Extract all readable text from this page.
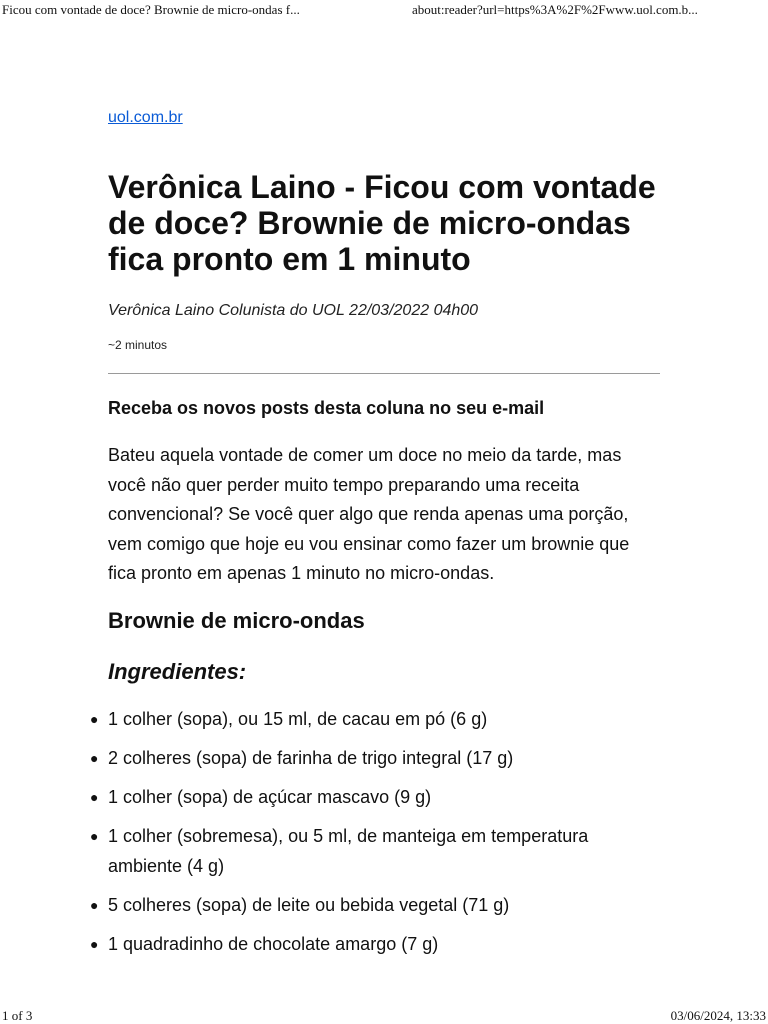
Ficou com vontade de doce? Brownie de micro-ondas f...	about:reader?url=https%3A%2F%2Fwww.uol.com.b...
uol.com.br
Verônica Laino - Ficou com vontade de doce? Brownie de micro-ondas fica pronto em 1 minuto
Verônica Laino Colunista do UOL 22/03/2022 04h00
~2 minutos
Receba os novos posts desta coluna no seu e-mail

Bateu aquela vontade de comer um doce no meio da tarde, mas você não quer perder muito tempo preparando uma receita convencional? Se você quer algo que renda apenas uma porção, vem comigo que hoje eu vou ensinar como fazer um brownie que fica pronto em apenas 1 minuto no micro-ondas.

Brownie de micro-ondas
Ingredientes:
● 1 colher (sopa), ou 15 ml, de cacau em pó (6 g)
● 2 colheres (sopa) de farinha de trigo integral (17 g)
● 1 colher (sopa) de açúcar mascavo (9 g)
● 1 colher (sobremesa), ou 5 ml, de manteiga em temperatura ambiente (4 g)
● 5 colheres (sopa) de leite ou bebida vegetal (71 g)
● 1 quadradinho de chocolate amargo (7 g)
1 of 3	03/06/2024, 13:33
